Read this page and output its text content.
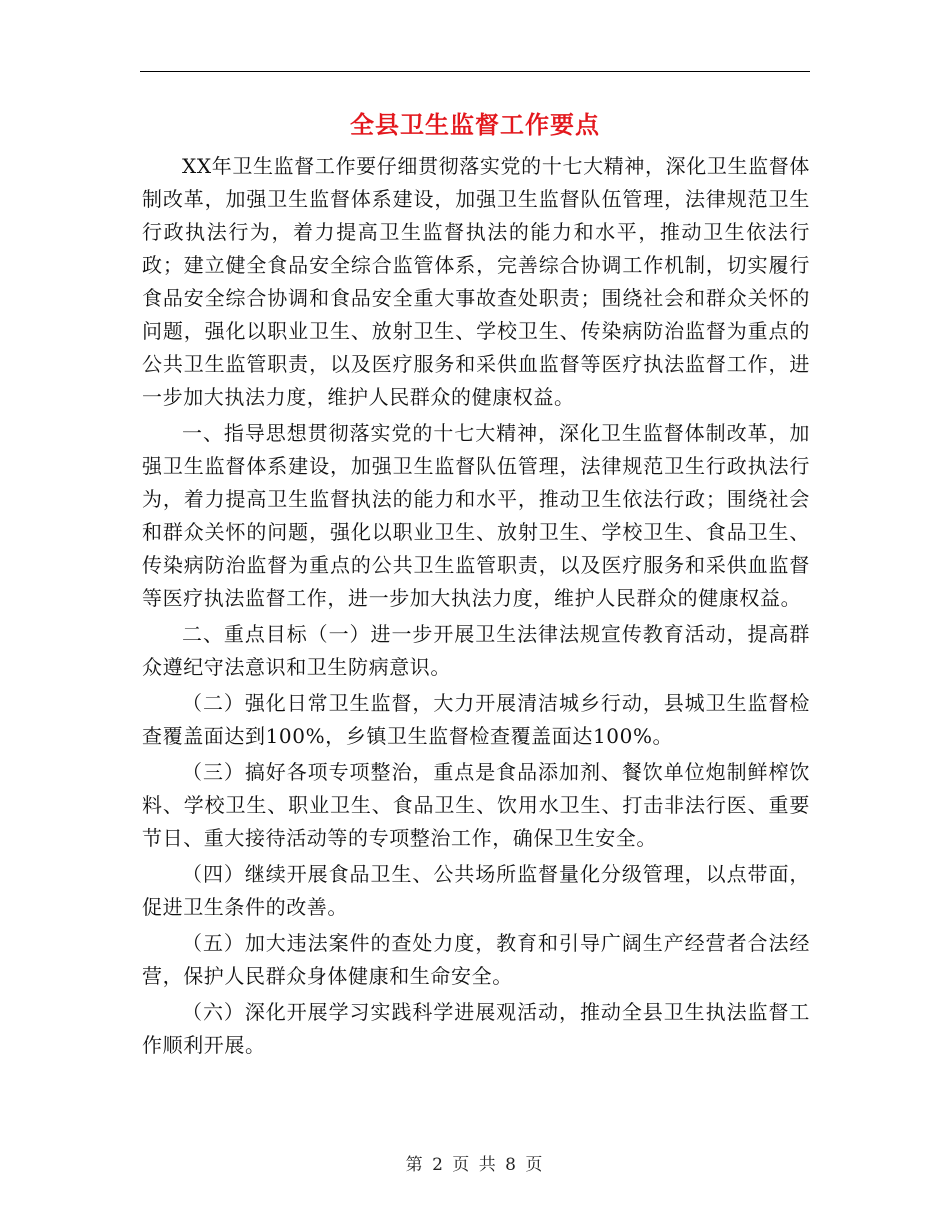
全县卫生监督工作要点

XX年卫生监督工作要仔细贯彻落实党的十七大精神，深化卫生监督体制改革，加强卫生监督体系建设，加强卫生监督队伍管理，法律规范卫生行政执法行为，着力提高卫生监督执法的能力和水平，推动卫生依法行政；建立健全食品安全综合监管体系，完善综合协调工作机制，切实履行食品安全综合协调和食品安全重大事故查处职责；围绕社会和群众关怀的问题，强化以职业卫生、放射卫生、学校卫生、传染病防治监督为重点的公共卫生监管职责，以及医疗服务和采供血监督等医疗执法监督工作，进一步加大执法力度，维护人民群众的健康权益。

一、指导思想贯彻落实党的十七大精神，深化卫生监督体制改革，加强卫生监督体系建设，加强卫生监督队伍管理，法律规范卫生行政执法行为，着力提高卫生监督执法的能力和水平，推动卫生依法行政；围绕社会和群众关怀的问题，强化以职业卫生、放射卫生、学校卫生、食品卫生、传染病防治监督为重点的公共卫生监管职责，以及医疗服务和采供血监督等医疗执法监督工作，进一步加大执法力度，维护人民群众的健康权益。

二、重点目标（一）进一步开展卫生法律法规宣传教育活动，提高群众遵纪守法意识和卫生防病意识。

（二）强化日常卫生监督，大力开展清洁城乡行动，县城卫生监督检查覆盖面达到100%，乡镇卫生监督检查覆盖面达100%。

（三）搞好各项专项整治，重点是食品添加剂、餐饮单位炮制鲜榨饮料、学校卫生、职业卫生、食品卫生、饮用水卫生、打击非法行医、重要节日、重大接待活动等的专项整治工作，确保卫生安全。

（四）继续开展食品卫生、公共场所监督量化分级管理，以点带面，促进卫生条件的改善。

（五）加大违法案件的查处力度，教育和引导广阔生产经营者合法经营，保护人民群众身体健康和生命安全。

（六）深化开展学习实践科学进展观活动，推动全县卫生执法监督工作顺利开展。

第 2 页 共 8 页
